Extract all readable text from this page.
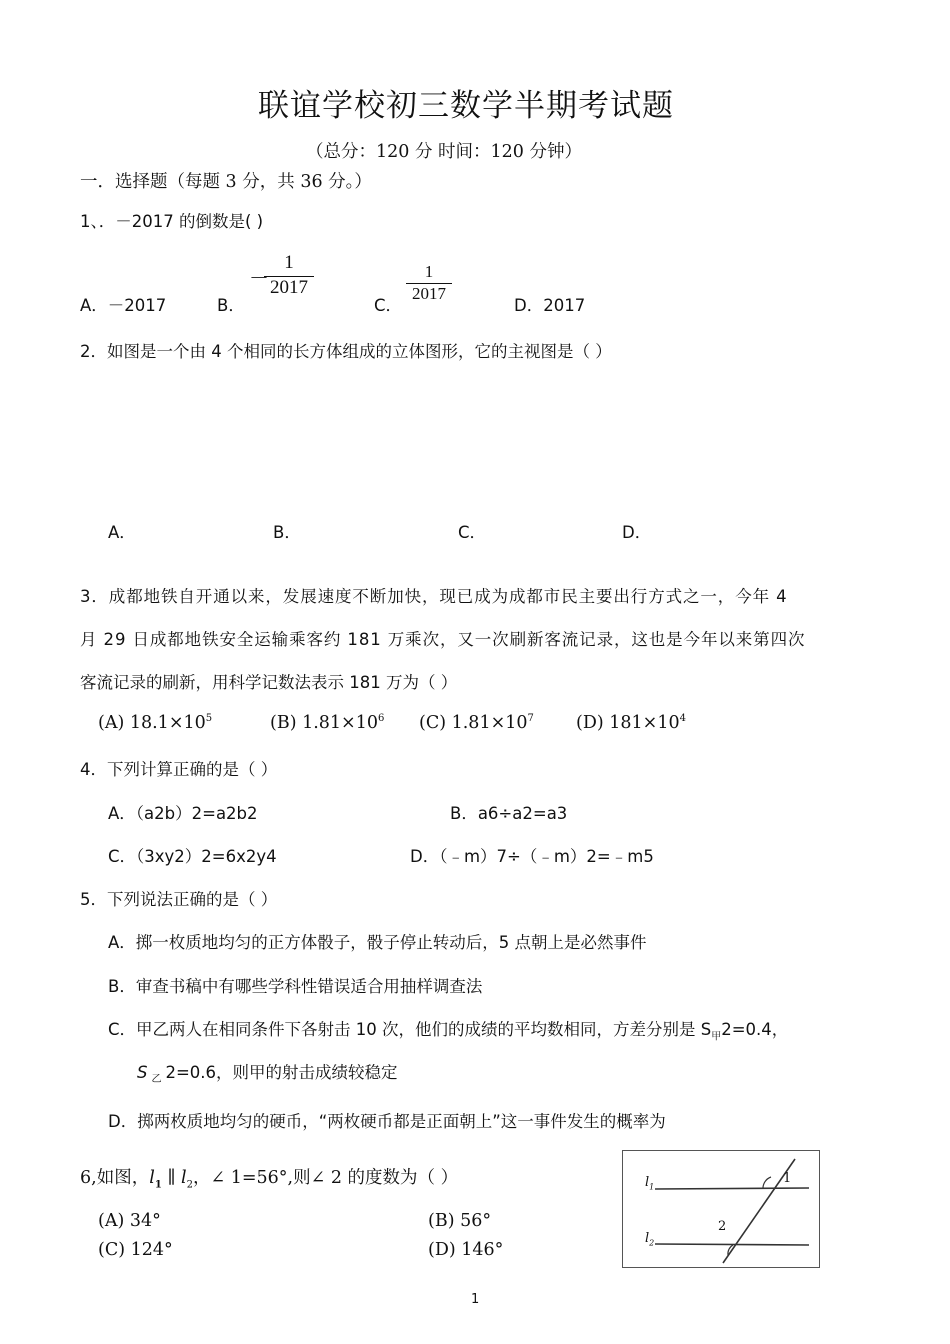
联谊学校初三数学半期考试题
（总分：120 分 时间：120 分钟）
一．选择题（每题 3 分，共 36 分。）
1、．－2017 的倒数是( )
A．－2017	B．
－
1
2017
C．
1
2017
D．2017
2．如图是一个由 4 个相同的长方体组成的立体图形，它的主视图是（ ）
A．	B．	C．	D．
3．成都地铁自开通以来，发展速度不断加快，现已成为成都市民主要出行方式之一，今年 4
月 29 日成都地铁安全运输乘客约 181 万乘次，又一次刷新客流记录，这也是今年以来第四次
客流记录的刷新，用科学记数法表示 181 万为（ ）
(A) $18.1\times 10^5$	(B) $1.81\times 10^6$ (C) $1.81\times 10^7$ (D) $181\times 10^4$
4．下列计算正确的是（ ）
A．（a2b）2=a2b2	B．a6÷a2=a3
C．（3xy2）2=6x2y4	D．（﹣m）7÷（﹣m）2=﹣m5
5．下列说法正确的是（ ）
A．掷一枚质地均匀的正方体骰子，骰子停止转动后，5 点朝上是必然事件
B．审查书稿中有哪些学科性错误适合用抽样调查法
C．甲乙两人在相同条件下各射击 10 次，他们的成绩的平均数相同，方差分别是 $S_甲2=0.4$，
S $_乙$ 2=0.6，则甲的射击成绩较稳定
D．掷两枚质地均匀的硬币，“两枚硬币都是正面朝上”这一事件发生的概率为
6,如图，$l_1$ ∥ $l_2$，∠ 1=56°,则∠ 2 的度数为（ ）
(A) 34°	(B) 56°
(C) 124°	(D) 146°
$l_1$
$l_2$
1
2
1
